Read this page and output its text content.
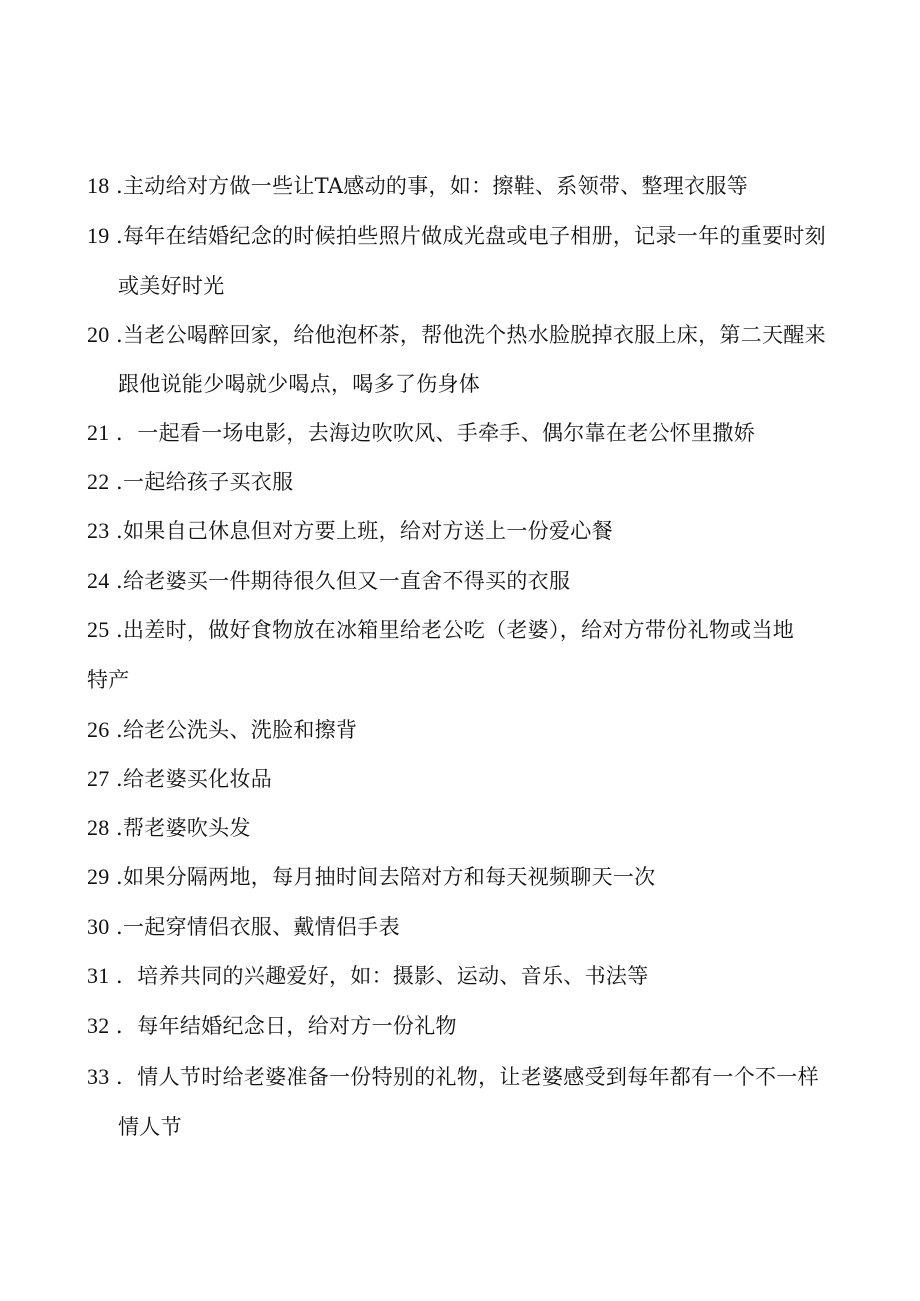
18 .主动给对方做一些让TA感动的事，如：擦鞋、系领带、整理衣服等
19 .每年在结婚纪念的时候拍些照片做成光盘或电子相册，记录一年的重要时刻
或美好时光
20 .当老公喝醉回家，给他泡杯茶，帮他洗个热水脸脱掉衣服上床，第二天醒来
跟他说能少喝就少喝点，喝多了伤身体
21 ．一起看一场电影，去海边吹吹风、手牵手、偶尔靠在老公怀里撒娇
22 .一起给孩子买衣服
23 .如果自己休息但对方要上班，给对方送上一份爱心餐
24 .给老婆买一件期待很久但又一直舍不得买的衣服
25 .出差时，做好食物放在冰箱里给老公吃（老婆），给对方带份礼物或当地
特产
26 .给老公洗头、洗脸和擦背
27 .给老婆买化妆品
28 .帮老婆吹头发
29 .如果分隔两地，每月抽时间去陪对方和每天视频聊天一次
30 .一起穿情侣衣服、戴情侣手表
31 ．培养共同的兴趣爱好，如：摄影、运动、音乐、书法等
32 ．每年结婚纪念日，给对方一份礼物
33 ．情人节时给老婆准备一份特别的礼物，让老婆感受到每年都有一个不一样
情人节
